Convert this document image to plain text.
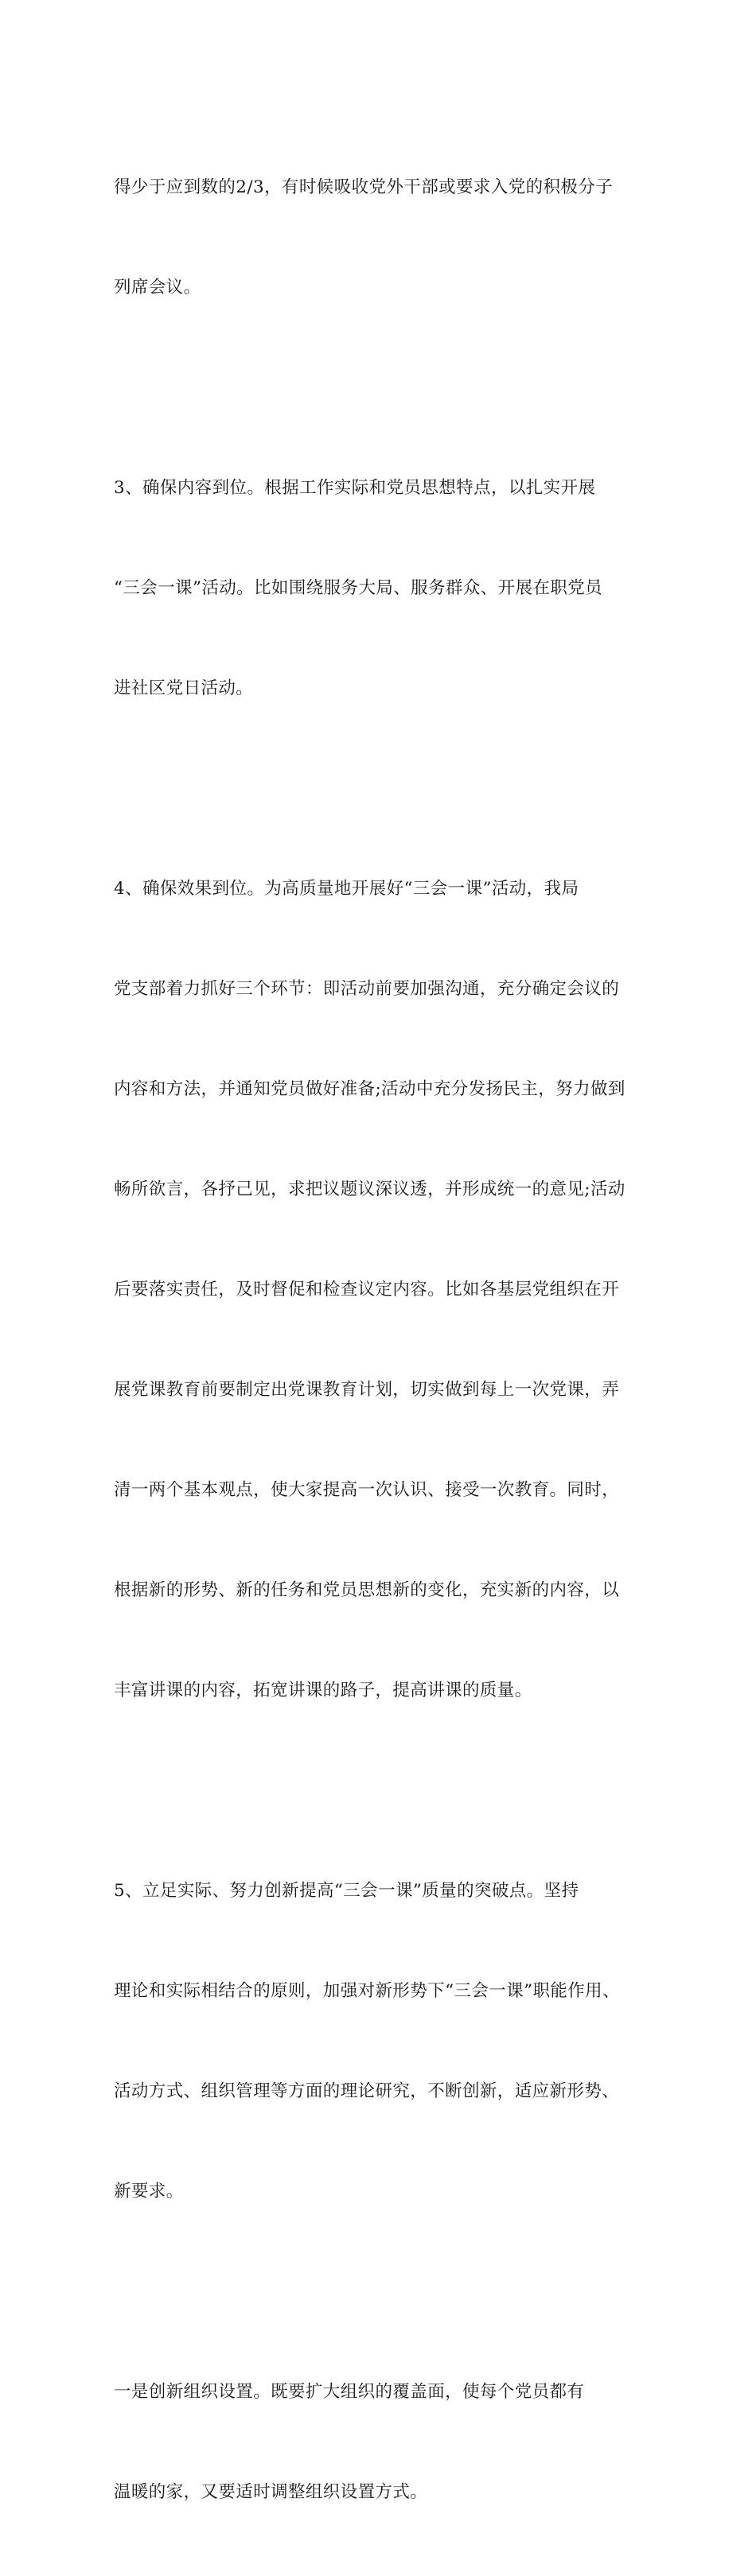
得少于应到数的2/3，有时候吸收党外干部或要求入党的积极分子

列席会议。

3、确保内容到位。根据工作实际和党员思想特点，以扎实开展

“三会一课”活动。比如围绕服务大局、服务群众、开展在职党员

进社区党日活动。

4、确保效果到位。为高质量地开展好“三会一课”活动，我局

党支部着力抓好三个环节：即活动前要加强沟通，充分确定会议的

内容和方法，并通知党员做好准备;活动中充分发扬民主，努力做到

畅所欲言，各抒己见，求把议题议深议透，并形成统一的意见;活动

后要落实责任，及时督促和检查议定内容。比如各基层党组织在开

展党课教育前要制定出党课教育计划，切实做到每上一次党课，弄

清一两个基本观点，使大家提高一次认识、接受一次教育。同时，

根据新的形势、新的任务和党员思想新的变化，充实新的内容，以

丰富讲课的内容，拓宽讲课的路子，提高讲课的质量。

5、立足实际、努力创新提高“三会一课”质量的突破点。坚持

理论和实际相结合的原则，加强对新形势下“三会一课”职能作用、

活动方式、组织管理等方面的理论研究，不断创新，适应新形势、

新要求。

一是创新组织设置。既要扩大组织的覆盖面，使每个党员都有

温暖的家，又要适时调整组织设置方式。
